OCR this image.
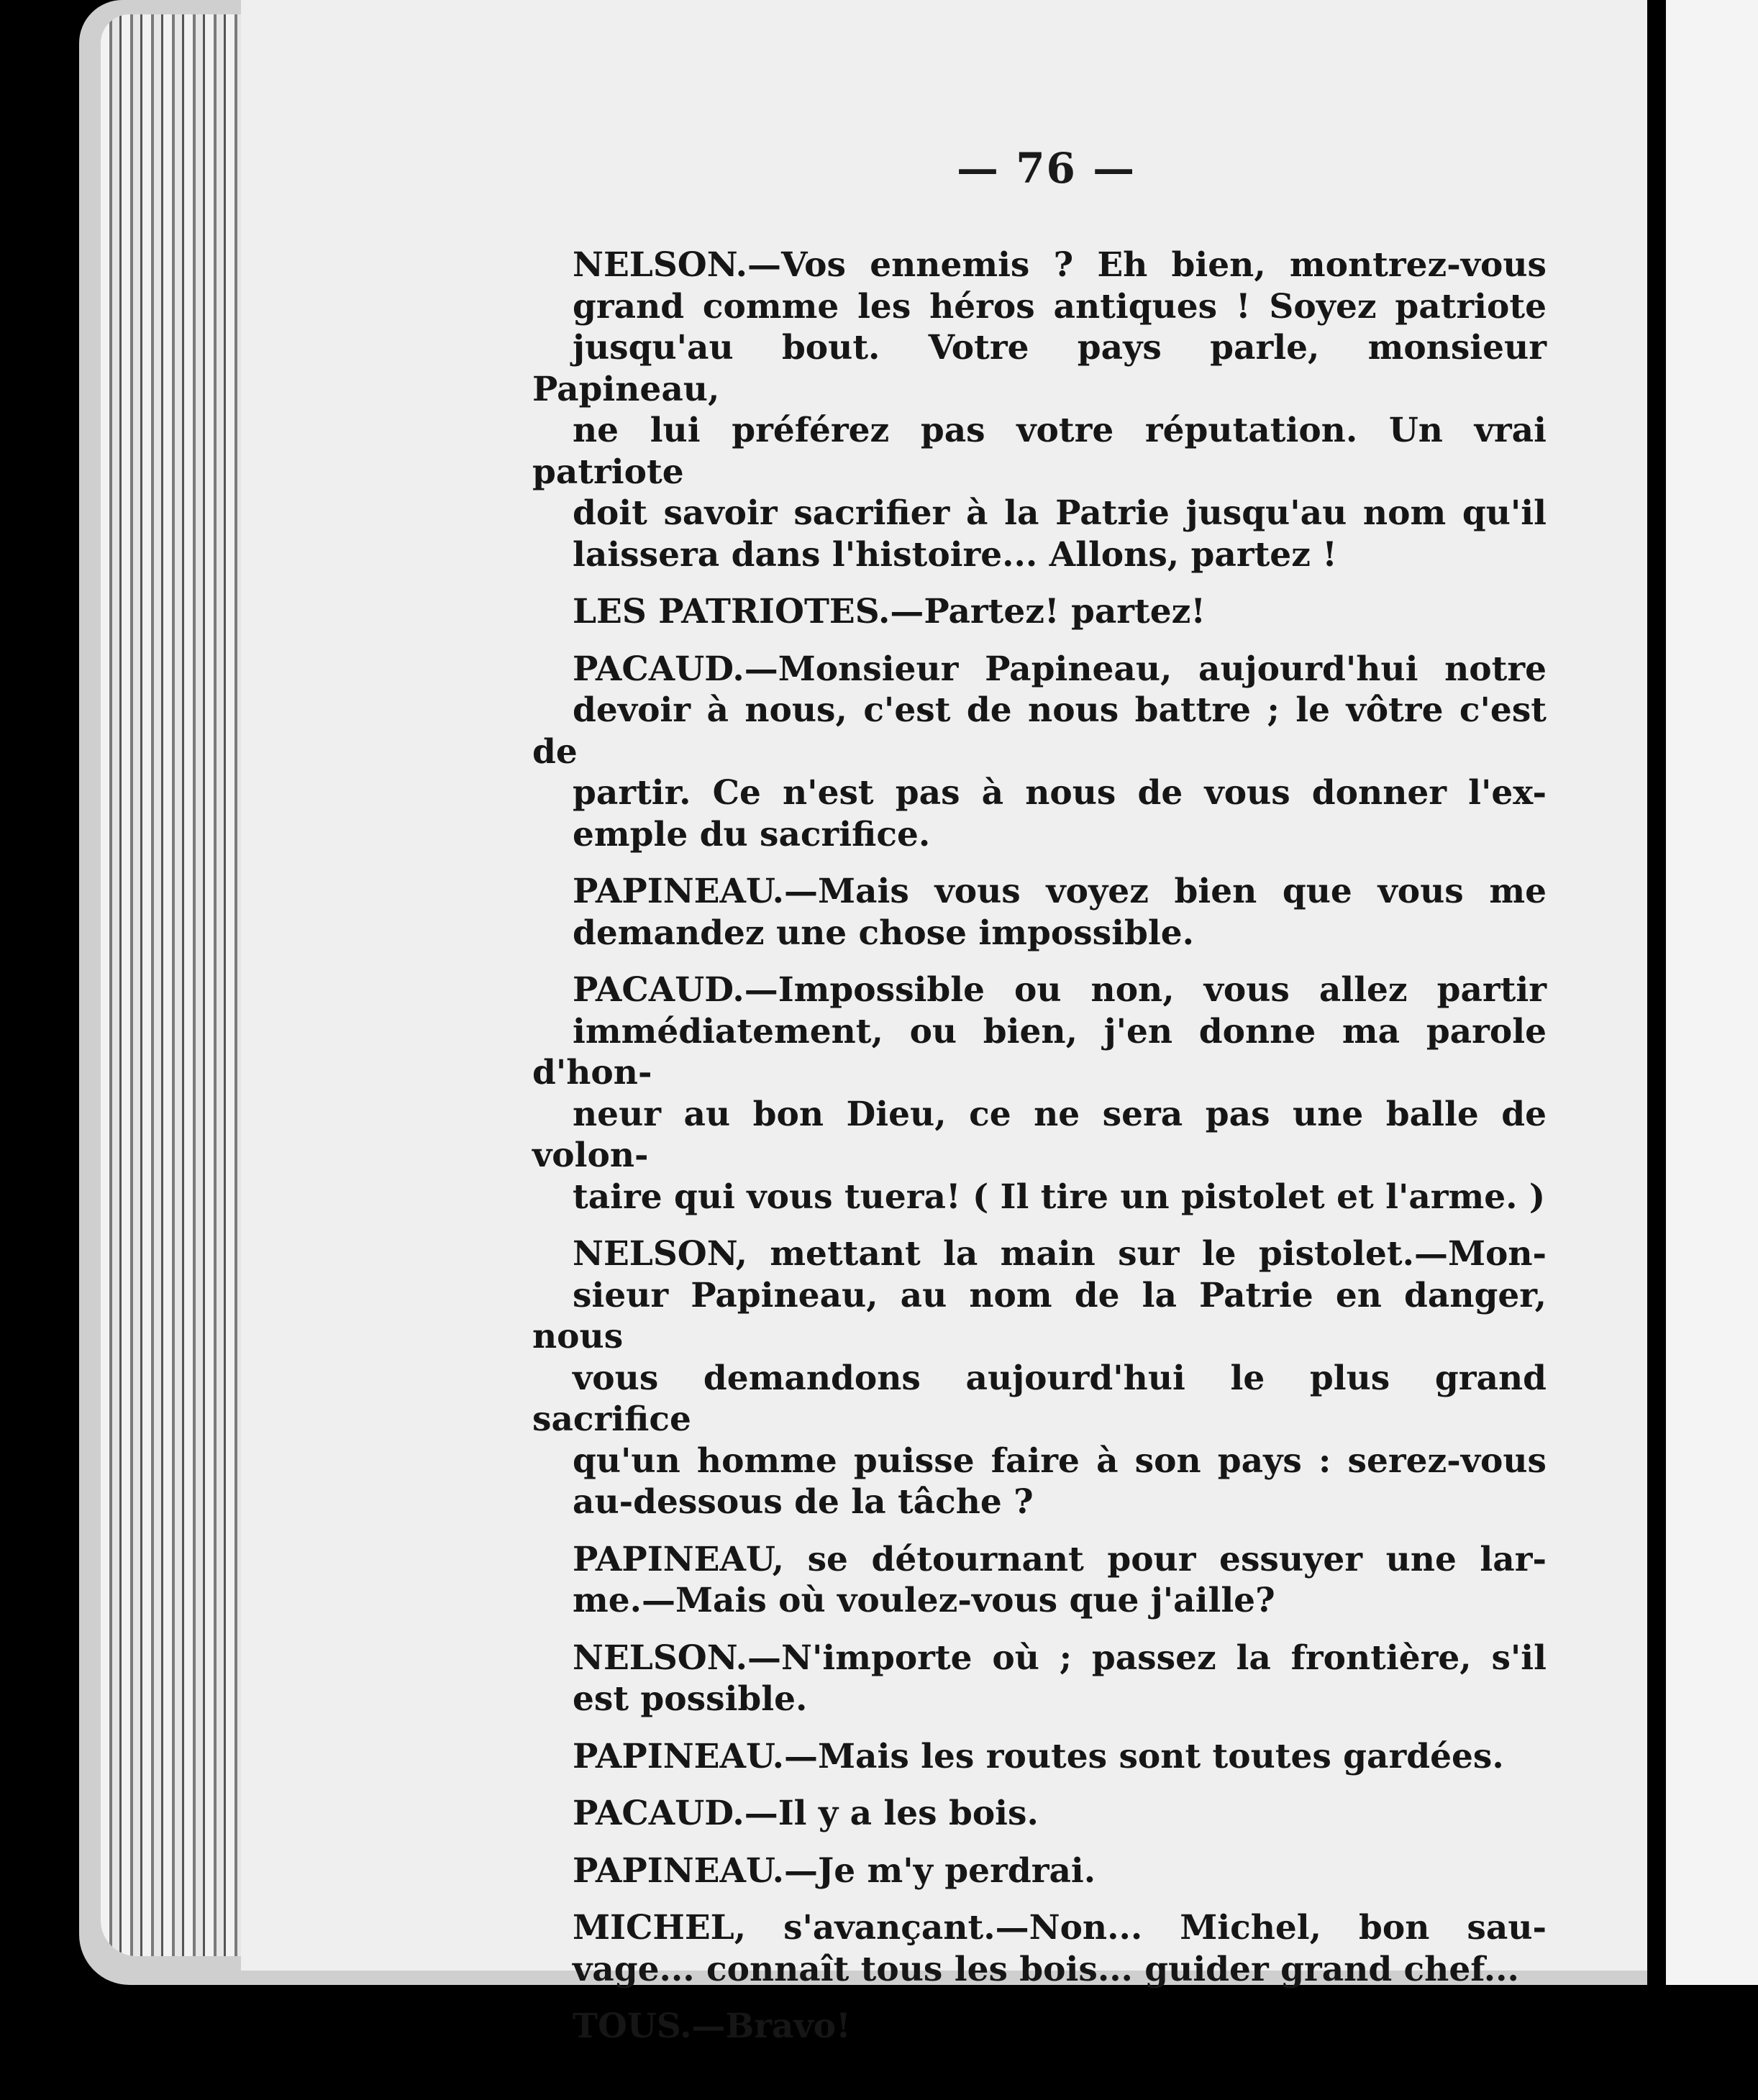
— 76 —
NELSON.—Vos ennemis ? Eh bien, montrez-vous
grand comme les héros antiques ! Soyez patriote
jusqu'au bout. Votre pays parle, monsieur Papineau,
ne lui préférez pas votre réputation. Un vrai patriote
doit savoir sacrifier à la Patrie jusqu'au nom qu'il
laissera dans l'histoire... Allons, partez !
LES PATRIOTES.—Partez! partez!
PACAUD.—Monsieur Papineau, aujourd'hui notre
devoir à nous, c'est de nous battre ; le vôtre c'est de
partir. Ce n'est pas à nous de vous donner l'ex-
emple du sacrifice.
PAPINEAU.—Mais vous voyez bien que vous me
demandez une chose impossible.
PACAUD.—Impossible ou non, vous allez partir
immédiatement, ou bien, j'en donne ma parole d'hon-
neur au bon Dieu, ce ne sera pas une balle de volon-
taire qui vous tuera! ( Il tire un pistolet et l'arme. )
NELSON, mettant la main sur le pistolet.—Mon-
sieur Papineau, au nom de la Patrie en danger, nous
vous demandons aujourd'hui le plus grand sacrifice
qu'un homme puisse faire à son pays : serez-vous
au-dessous de la tâche ?
PAPINEAU, se détournant pour essuyer une lar-
me.—Mais où voulez-vous que j'aille?
NELSON.—N'importe où ; passez la frontière, s'il
est possible.
PAPINEAU.—Mais les routes sont toutes gardées.
PACAUD.—Il y a les bois.
PAPINEAU.—Je m'y perdrai.
MICHEL, s'avançant.—Non... Michel, bon sau-
vage... connaît tous les bois... guider grand chef...
TOUS.—Bravo!
